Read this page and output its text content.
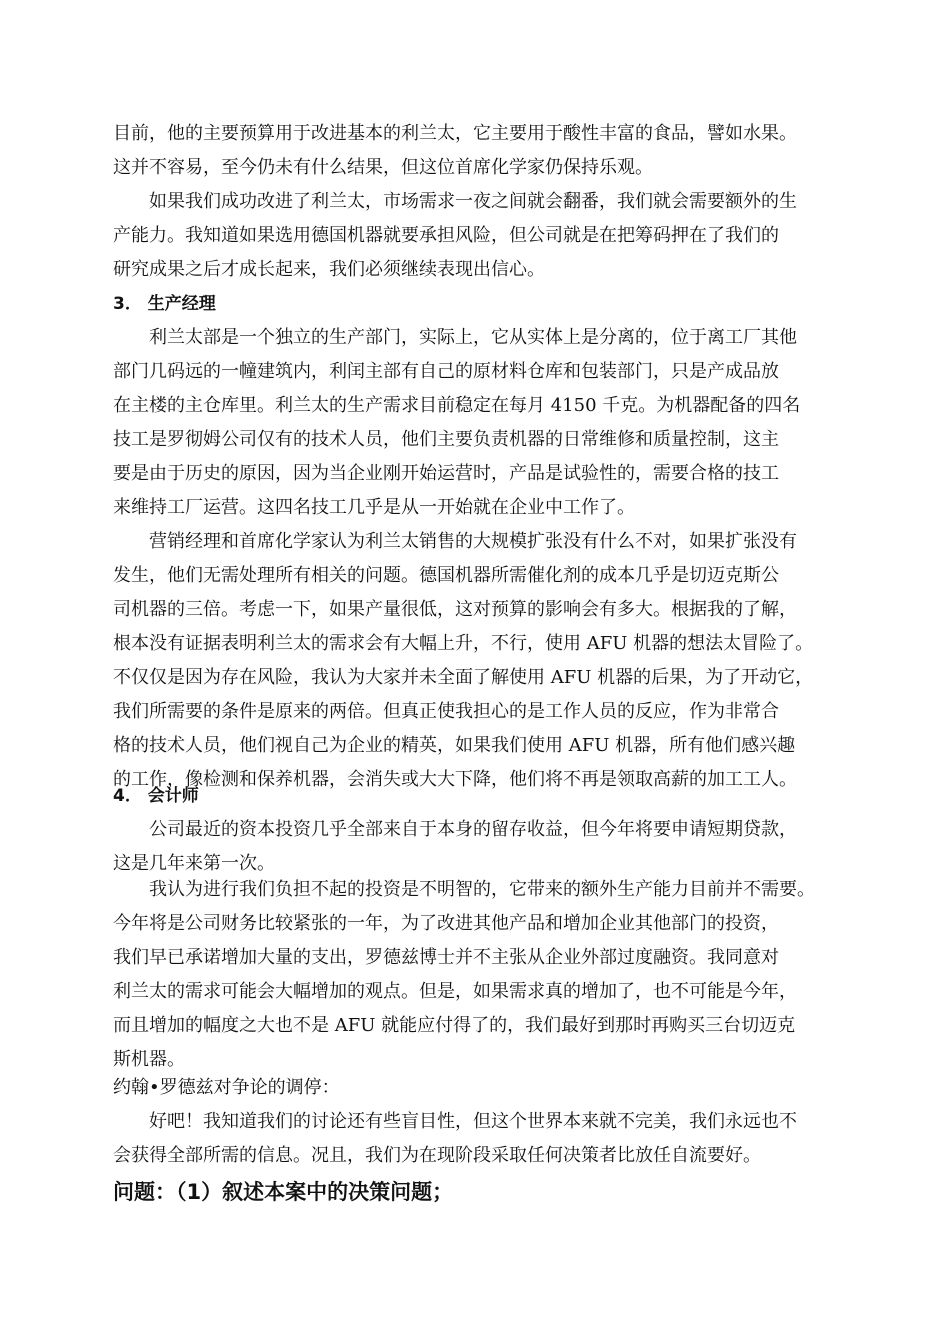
目前，他的主要预算用于改进基本的利兰太，它主要用于酸性丰富的食品，譬如水果。
这并不容易，至今仍未有什么结果，但这位首席化学家仍保持乐观。
如果我们成功改进了利兰太，市场需求一夜之间就会翻番，我们就会需要额外的生
产能力。我知道如果选用德国机器就要承担风险，但公司就是在把筹码押在了我们的
研究成果之后才成长起来，我们必须继续表现出信心。
3． 生产经理
利兰太部是一个独立的生产部门，实际上，它从实体上是分离的，位于离工厂其他
部门几码远的一幢建筑内，利闰主部有自己的原材料仓库和包装部门，只是产成品放
在主楼的主仓库里。利兰太的生产需求目前稳定在每月 4150 千克。为机器配备的四名
技工是罗彻姆公司仅有的技术人员，他们主要负责机器的日常维修和质量控制，这主
要是由于历史的原因，因为当企业刚开始运营时，产品是试验性的，需要合格的技工
来维持工厂运营。这四名技工几乎是从一开始就在企业中工作了。
营销经理和首席化学家认为利兰太销售的大规模扩张没有什么不对，如果扩张没有
发生，他们无需处理所有相关的问题。德国机器所需催化剂的成本几乎是切迈克斯公
司机器的三倍。考虑一下，如果产量很低，这对预算的影响会有多大。根据我的了解，
根本没有证据表明利兰太的需求会有大幅上升，不行，使用 AFU 机器的想法太冒险了。
不仅仅是因为存在风险，我认为大家并未全面了解使用 AFU 机器的后果，为了开动它，
我们所需要的条件是原来的两倍。但真正使我担心的是工作人员的反应，作为非常合
格的技术人员，他们视自己为企业的精英，如果我们使用 AFU 机器，所有他们感兴趣
的工作，像检测和保养机器，会消失或大大下降，他们将不再是领取高薪的加工工人。
4． 会计师
公司最近的资本投资几乎全部来自于本身的留存收益，但今年将要申请短期贷款，
这是几年来第一次。
我认为进行我们负担不起的投资是不明智的，它带来的额外生产能力目前并不需要。
今年将是公司财务比较紧张的一年，为了改进其他产品和增加企业其他部门的投资，
我们早已承诺增加大量的支出，罗德兹博士并不主张从企业外部过度融资。我同意对
利兰太的需求可能会大幅增加的观点。但是，如果需求真的增加了，也不可能是今年，
而且增加的幅度之大也不是 AFU 就能应付得了的，我们最好到那时再购买三台切迈克
斯机器。
约翰•罗德兹对争论的调停：
好吧！我知道我们的讨论还有些盲目性，但这个世界本来就不完美，我们永远也不
会获得全部所需的信息。况且，我们为在现阶段采取任何决策者比放任自流要好。
问题：（1）叙述本案中的决策问题；
